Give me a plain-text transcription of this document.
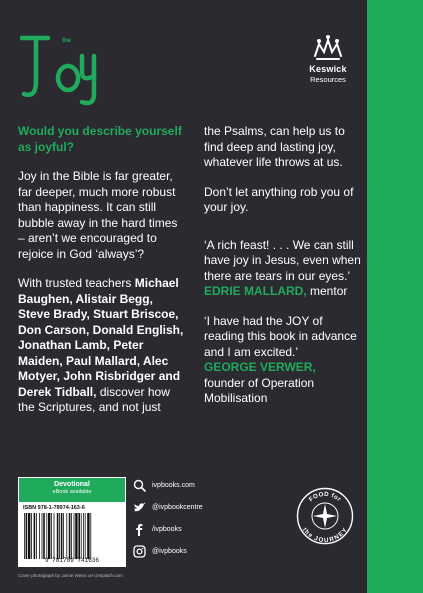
the
Keswick
Resources

Would you describe yourself as joyful?

Joy in the Bible is far greater, far deeper, much more robust than happiness. It can still bubble away in the hard times – aren’t we encouraged to rejoice in God ‘always’?

With trusted teachers Michael Baughen, Alistair Begg, Steve Brady, Stuart Briscoe, Don Carson, Donald English, Jonathan Lamb, Peter Maiden, Paul Mallard, Alec Motyer, John Risbridger and Derek Tidball, discover how the Scriptures, and not just

the Psalms, can help us to find deep and lasting joy, whatever life throws at us.

Don’t let anything rob you of your joy.

‘A rich feast! . . . We can still have joy in Jesus, even when there are tears in our eyes.’
EDRIE MALLARD, mentor

‘I have had the JOY of reading this book in advance and I am excited.’
GEORGE VERWER,
founder of Operation Mobilisation

Devotional
eBook available
ISBN 978-1-78974-163-6
9 781789 741636
ivpbooks.com
@ivpbookcentre
/ivpbooks
@ivpbooks
FOOD for
the JOURNEY
Cover photograph by Jamie Weiss on Unsplash.com
